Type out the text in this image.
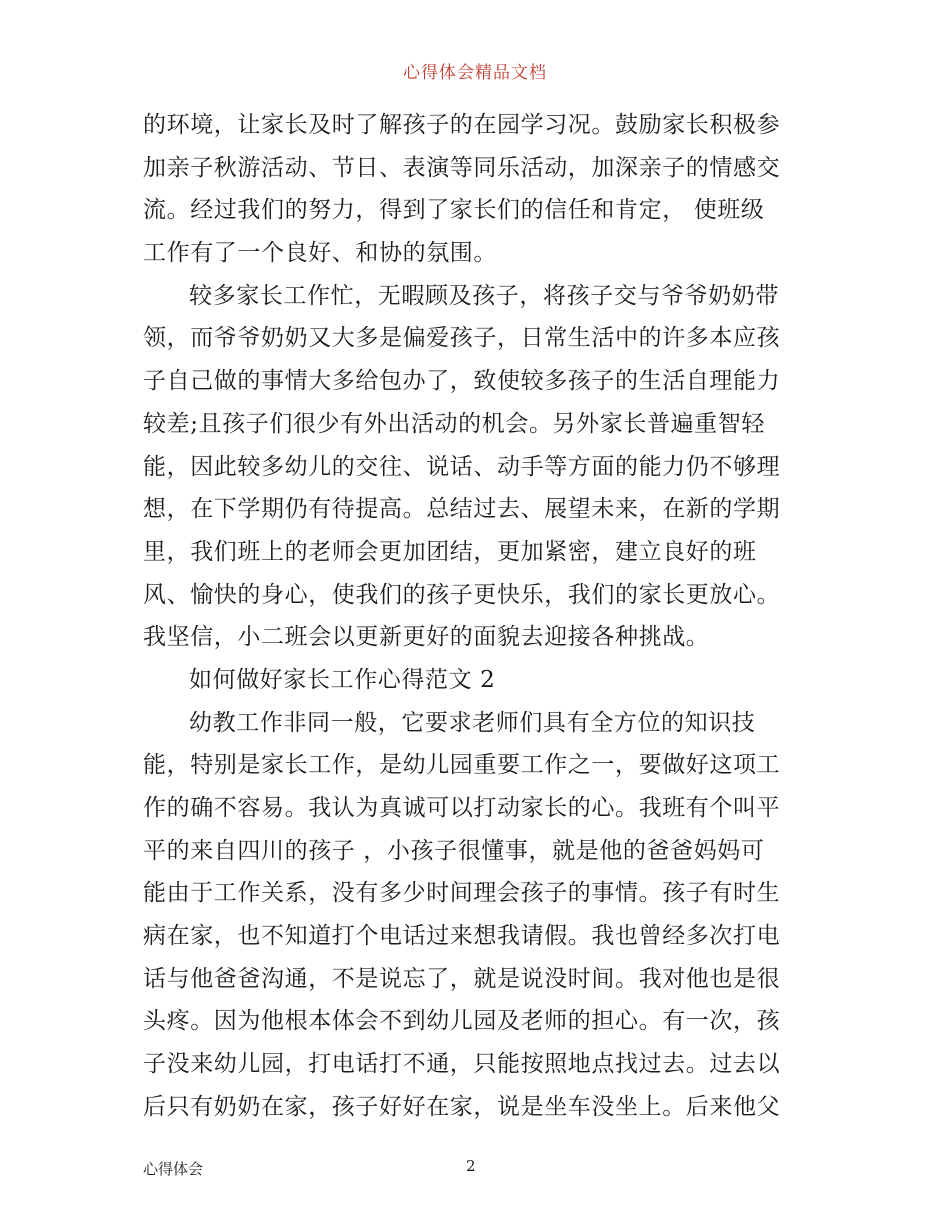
心得体会精品文档
的环境，让家长及时了解孩子的在园学习况。鼓励家长积极参
加亲子秋游活动、节日、表演等同乐活动，加深亲子的情感交
流。经过我们的努力，得到了家长们的信任和肯定， 使班级
工作有了一个良好、和协的氛围。
较多家长工作忙，无暇顾及孩子，将孩子交与爷爷奶奶带
领，而爷爷奶奶又大多是偏爱孩子，日常生活中的许多本应孩
子自己做的事情大多给包办了，致使较多孩子的生活自理能力
较差;且孩子们很少有外出活动的机会。另外家长普遍重智轻
能，因此较多幼儿的交往、说话、动手等方面的能力仍不够理
想，在下学期仍有待提高。总结过去、展望未来，在新的学期
里，我们班上的老师会更加团结，更加紧密，建立良好的班
风、愉快的身心，使我们的孩子更快乐，我们的家长更放心。
我坚信，小二班会以更新更好的面貌去迎接各种挑战。
如何做好家长工作心得范文 2
幼教工作非同一般，它要求老师们具有全方位的知识技
能，特别是家长工作，是幼儿园重要工作之一，要做好这项工
作的确不容易。我认为真诚可以打动家长的心。我班有个叫平
平的来自四川的孩子 ，小孩子很懂事，就是他的爸爸妈妈可
能由于工作关系，没有多少时间理会孩子的事情。孩子有时生
病在家，也不知道打个电话过来想我请假。我也曾经多次打电
话与他爸爸沟通，不是说忘了，就是说没时间。我对他也是很
头疼。因为他根本体会不到幼儿园及老师的担心。有一次，孩
子没来幼儿园，打电话打不通，只能按照地点找过去。过去以
后只有奶奶在家，孩子好好在家，说是坐车没坐上。后来他父
心得体会	2
